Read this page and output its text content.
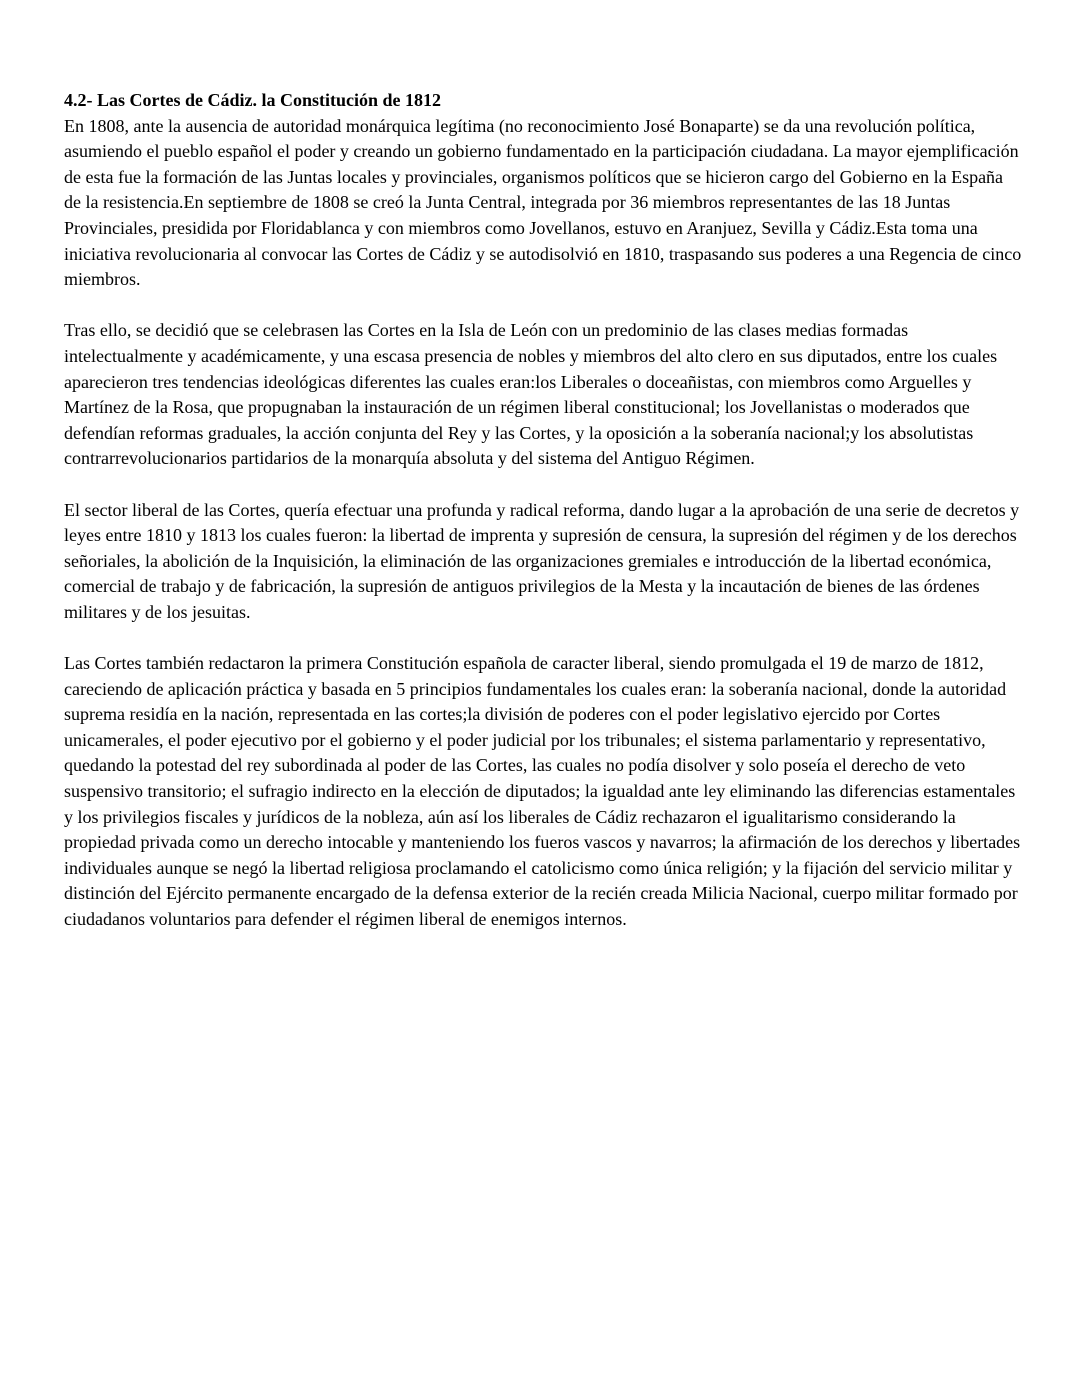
4.2- Las Cortes de Cádiz. la Constitución de 1812

En 1808, ante la ausencia de autoridad monárquica legítima (no reconocimiento José Bonaparte) se da una revolución política, asumiendo el pueblo español el poder y creando un gobierno fundamentado en la participación ciudadana. La mayor ejemplificación de esta fue la formación de las Juntas locales y provinciales, organismos políticos que se hicieron cargo del Gobierno en la España de la resistencia.En septiembre de 1808 se creó la Junta Central, integrada por 36 miembros representantes de las 18 Juntas Provinciales, presidida por Floridablanca y con miembros como Jovellanos, estuvo en Aranjuez, Sevilla y Cádiz.Esta toma una iniciativa revolucionaria al convocar las Cortes de Cádiz y se autodisolvió en 1810, traspasando sus poderes a una Regencia de cinco miembros.

Tras ello, se decidió que se celebrasen las Cortes en la Isla de León con un predominio de las clases medias formadas intelectualmente y académicamente, y una escasa presencia de nobles y miembros del alto clero en sus diputados, entre los cuales aparecieron tres tendencias ideológicas diferentes las cuales eran:los Liberales o doceañistas, con miembros como Arguelles y Martínez de la Rosa, que propugnaban la instauración de un régimen liberal constitucional; los Jovellanistas o moderados que defendían reformas graduales, la acción conjunta del Rey y las Cortes, y la oposición a la soberanía nacional;y los absolutistas contrarrevolucionarios partidarios de la monarquía absoluta y del sistema del Antiguo Régimen.

El sector liberal de las Cortes, quería efectuar una profunda y radical reforma, dando lugar a la aprobación de una serie de decretos y leyes entre 1810 y 1813 los cuales fueron: la libertad de imprenta y supresión de censura, la supresión del régimen y de los derechos señoriales, la abolición de la Inquisición, la eliminación de las organizaciones gremiales e introducción de la libertad económica, comercial de trabajo y de fabricación, la supresión de antiguos privilegios de la Mesta y la incautación de bienes de las órdenes militares y de los jesuitas.

Las Cortes también redactaron la primera Constitución española de caracter liberal, siendo promulgada el 19 de marzo de 1812, careciendo de aplicación práctica y basada en 5 principios fundamentales los cuales eran: la soberanía nacional, donde la autoridad suprema residía en la nación, representada en las cortes;la división de poderes con el poder legislativo ejercido por Cortes unicamerales, el poder ejecutivo por el gobierno y el poder judicial por los tribunales; el sistema parlamentario y representativo, quedando la potestad del rey subordinada al poder de las Cortes, las cuales no podía disolver y solo poseía el derecho de veto suspensivo transitorio; el sufragio indirecto en la elección de diputados; la igualdad ante ley eliminando las diferencias estamentales y los privilegios fiscales y jurídicos de la nobleza, aún así los liberales de Cádiz rechazaron el igualitarismo considerando la propiedad privada como un derecho intocable y manteniendo los fueros vascos y navarros; la afirmación de los derechos y libertades individuales aunque se negó la libertad religiosa proclamando el catolicismo como única religión; y la fijación del servicio militar y distinción del Ejército permanente encargado de la defensa exterior de la recién creada Milicia Nacional, cuerpo militar formado por ciudadanos voluntarios para defender el régimen liberal de enemigos internos.
